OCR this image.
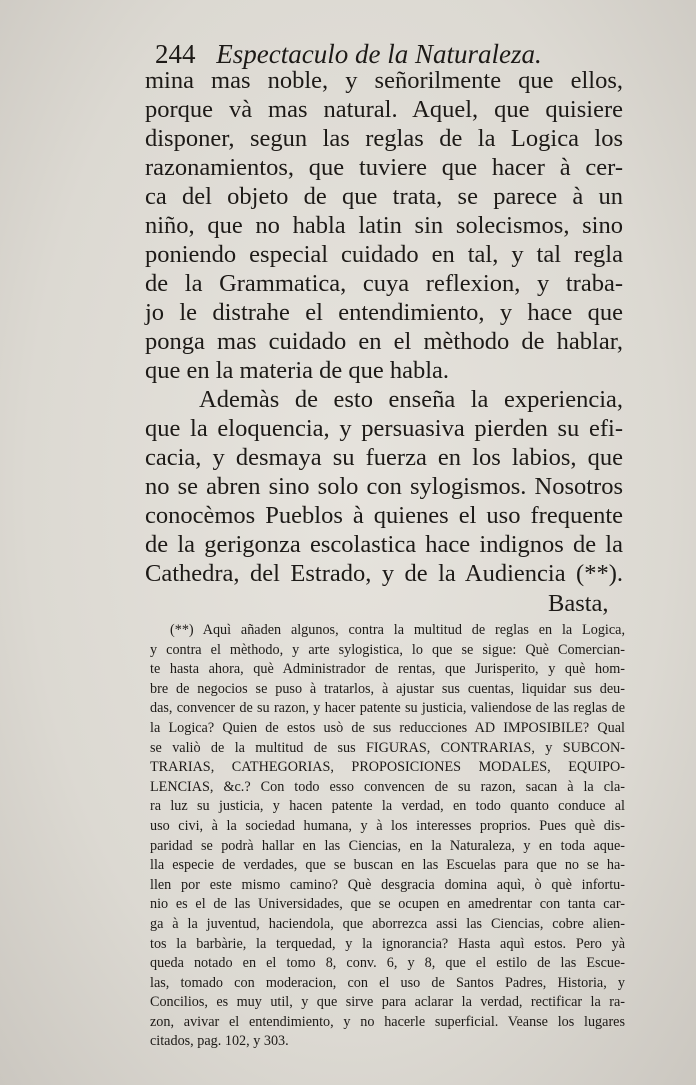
244 Espectaculo de la Naturaleza.
mina mas noble, y señorilmente que ellos,
porque và mas natural. Aquel, que quisiere
disponer, segun las reglas de la Logica los
razonamientos, que tuviere que hacer à cer-
ca del objeto de que trata, se parece à un
niño, que no habla latin sin solecismos, sino
poniendo especial cuidado en tal, y tal regla
de la Grammatica, cuya reflexion, y traba-
jo le distrahe el entendimiento, y hace que
ponga mas cuidado en el mèthodo de hablar,
que en la materia de que habla.
Ademàs de esto enseña la experiencia,
que la eloquencia, y persuasiva pierden su efi-
cacia, y desmaya su fuerza en los labios, que
no se abren sino solo con sylogismos. Nosotros
conocèmos Pueblos à quienes el uso frequente
de la gerigonza escolastica hace indignos de la
Cathedra, del Estrado, y de la Audiencia (**).
Basta,
(**) Aquì añaden algunos, contra la multitud de reglas en la Logica,
y contra el mèthodo, y arte sylogistica, lo que se sigue: Què Comercian-
te hasta ahora, què Administrador de rentas, que Jurisperito, y què hom-
bre de negocios se puso à tratarlos, à ajustar sus cuentas, liquidar sus deu-
das, convencer de su razon, y hacer patente su justicia, valiendose de las reglas de
la Logica? Quien de estos usò de sus reducciones AD IMPOSIBILE? Qual
se valiò de la multitud de sus FIGURAS, CONTRARIAS, y SUBCON-
TRARIAS, CATHEGORIAS, PROPOSICIONES MODALES, EQUIPO-
LENCIAS, &c.? Con todo esso convencen de su razon, sacan à la cla-
ra luz su justicia, y hacen patente la verdad, en todo quanto conduce al
uso civi, à la sociedad humana, y à los interesses proprios. Pues què dis-
paridad se podrà hallar en las Ciencias, en la Naturaleza, y en toda aque-
lla especie de verdades, que se buscan en las Escuelas para que no se ha-
llen por este mismo camino? Què desgracia domina aquì, ò què infortu-
nio es el de las Universidades, que se ocupen en amedrentar con tanta car-
ga à la juventud, haciendola, que aborrezca assi las Ciencias, cobre alien-
tos la barbàrie, la terquedad, y la ignorancia? Hasta aquì estos. Pero yà
queda notado en el tomo 8, conv. 6, y 8, que el estilo de las Escue-
las, tomado con moderacion, con el uso de Santos Padres, Historia, y
Concilios, es muy util, y que sirve para aclarar la verdad, rectificar la ra-
zon, avivar el entendimiento, y no hacerle superficial. Veanse los lugares
citados, pag. 102, y 303.
